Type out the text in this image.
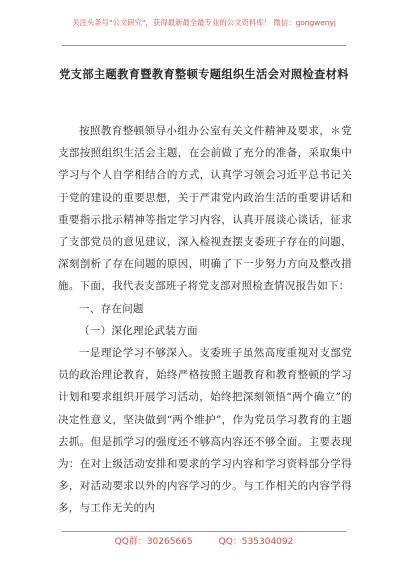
关注头条号"公文研究"，获得最新最全最专业的公文资料库！ 微信：gongwenyj
党支部主题教育暨教育整顿专题组织生活会对照检查材料

按照教育整顿领导小组办公室有关文件精神及要求，＊党支部按照组织生活会主题，在会前做了充分的准备，采取集中学习与个人自学相结合的方式，认真学习领会习近平总书记关于党的建设的重要思想，关于严肃党内政治生活的重要讲话和重要指示批示精神等指定学习内容，认真开展谈心谈话，征求了支部党员的意见建议，深入检视查摆支委班子存在的问题，深刻剖析了存在问题的原因，明确了下一步努力方向及整改措施。下面，我代表支部班子将党支部对照检查情况报告如下：

一、存在问题

（一）深化理论武装方面

一是理论学习不够深入。支委班子虽然高度重视对支部党员的政治理论教育，始终严格按照主题教育和教育整顿的学习计划和要求组织开展学习活动，始终把深刻领悟“两个确立”的决定性意义，坚决做到“两个维护”，作为党员学习教育的主题去抓。但是抓学习的强度还不够高内容还不够全面。主要表现为：在对上级活动安排和要求的学习内容和学习资料部分学得多，对活动要求以外的内容学习的少。与工作相关的内容学得多，与工作无关的内

QQ群：30265665	QQ：535304092
